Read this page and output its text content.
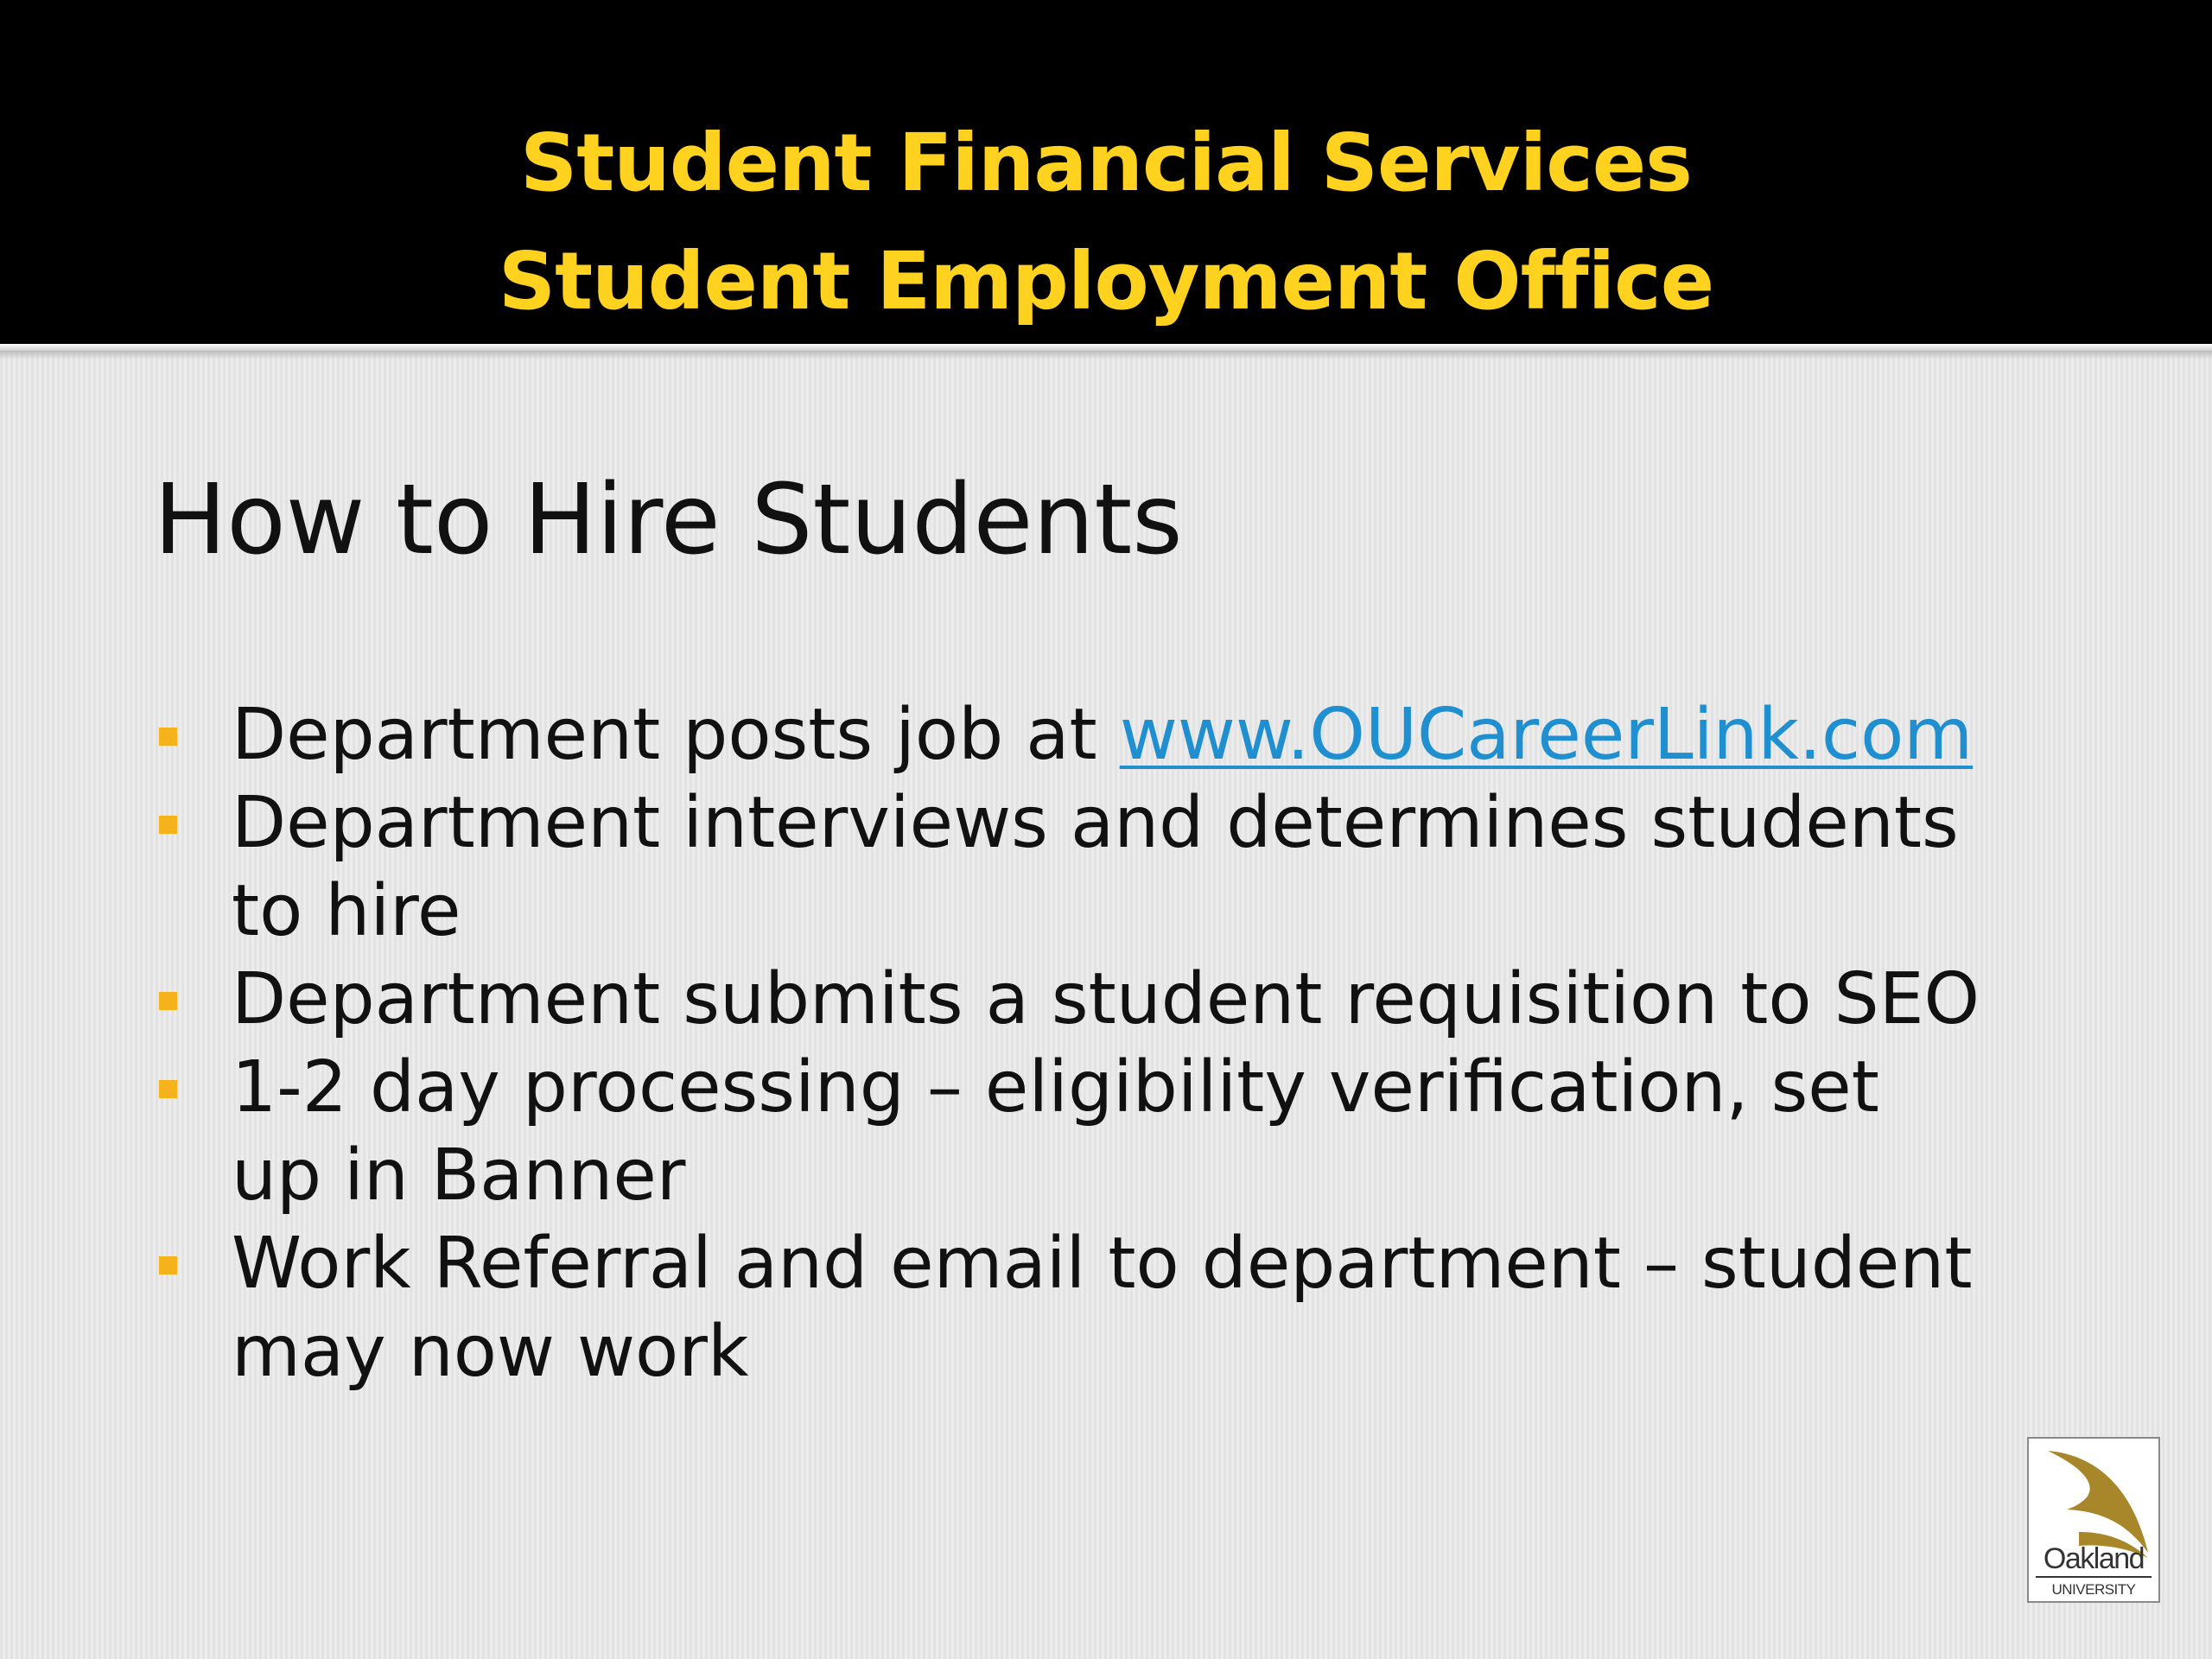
Student Financial Services
Student Employment Office
How to Hire Students
Department posts job at www.OUCareerLink.com
Department interviews and determines students
to hire
Department submits a student requisition to SEO
1-2 day processing – eligibility verification, set
up in Banner
Work Referral and email to department – student
may now work
Oakland
UNIVERSITY
